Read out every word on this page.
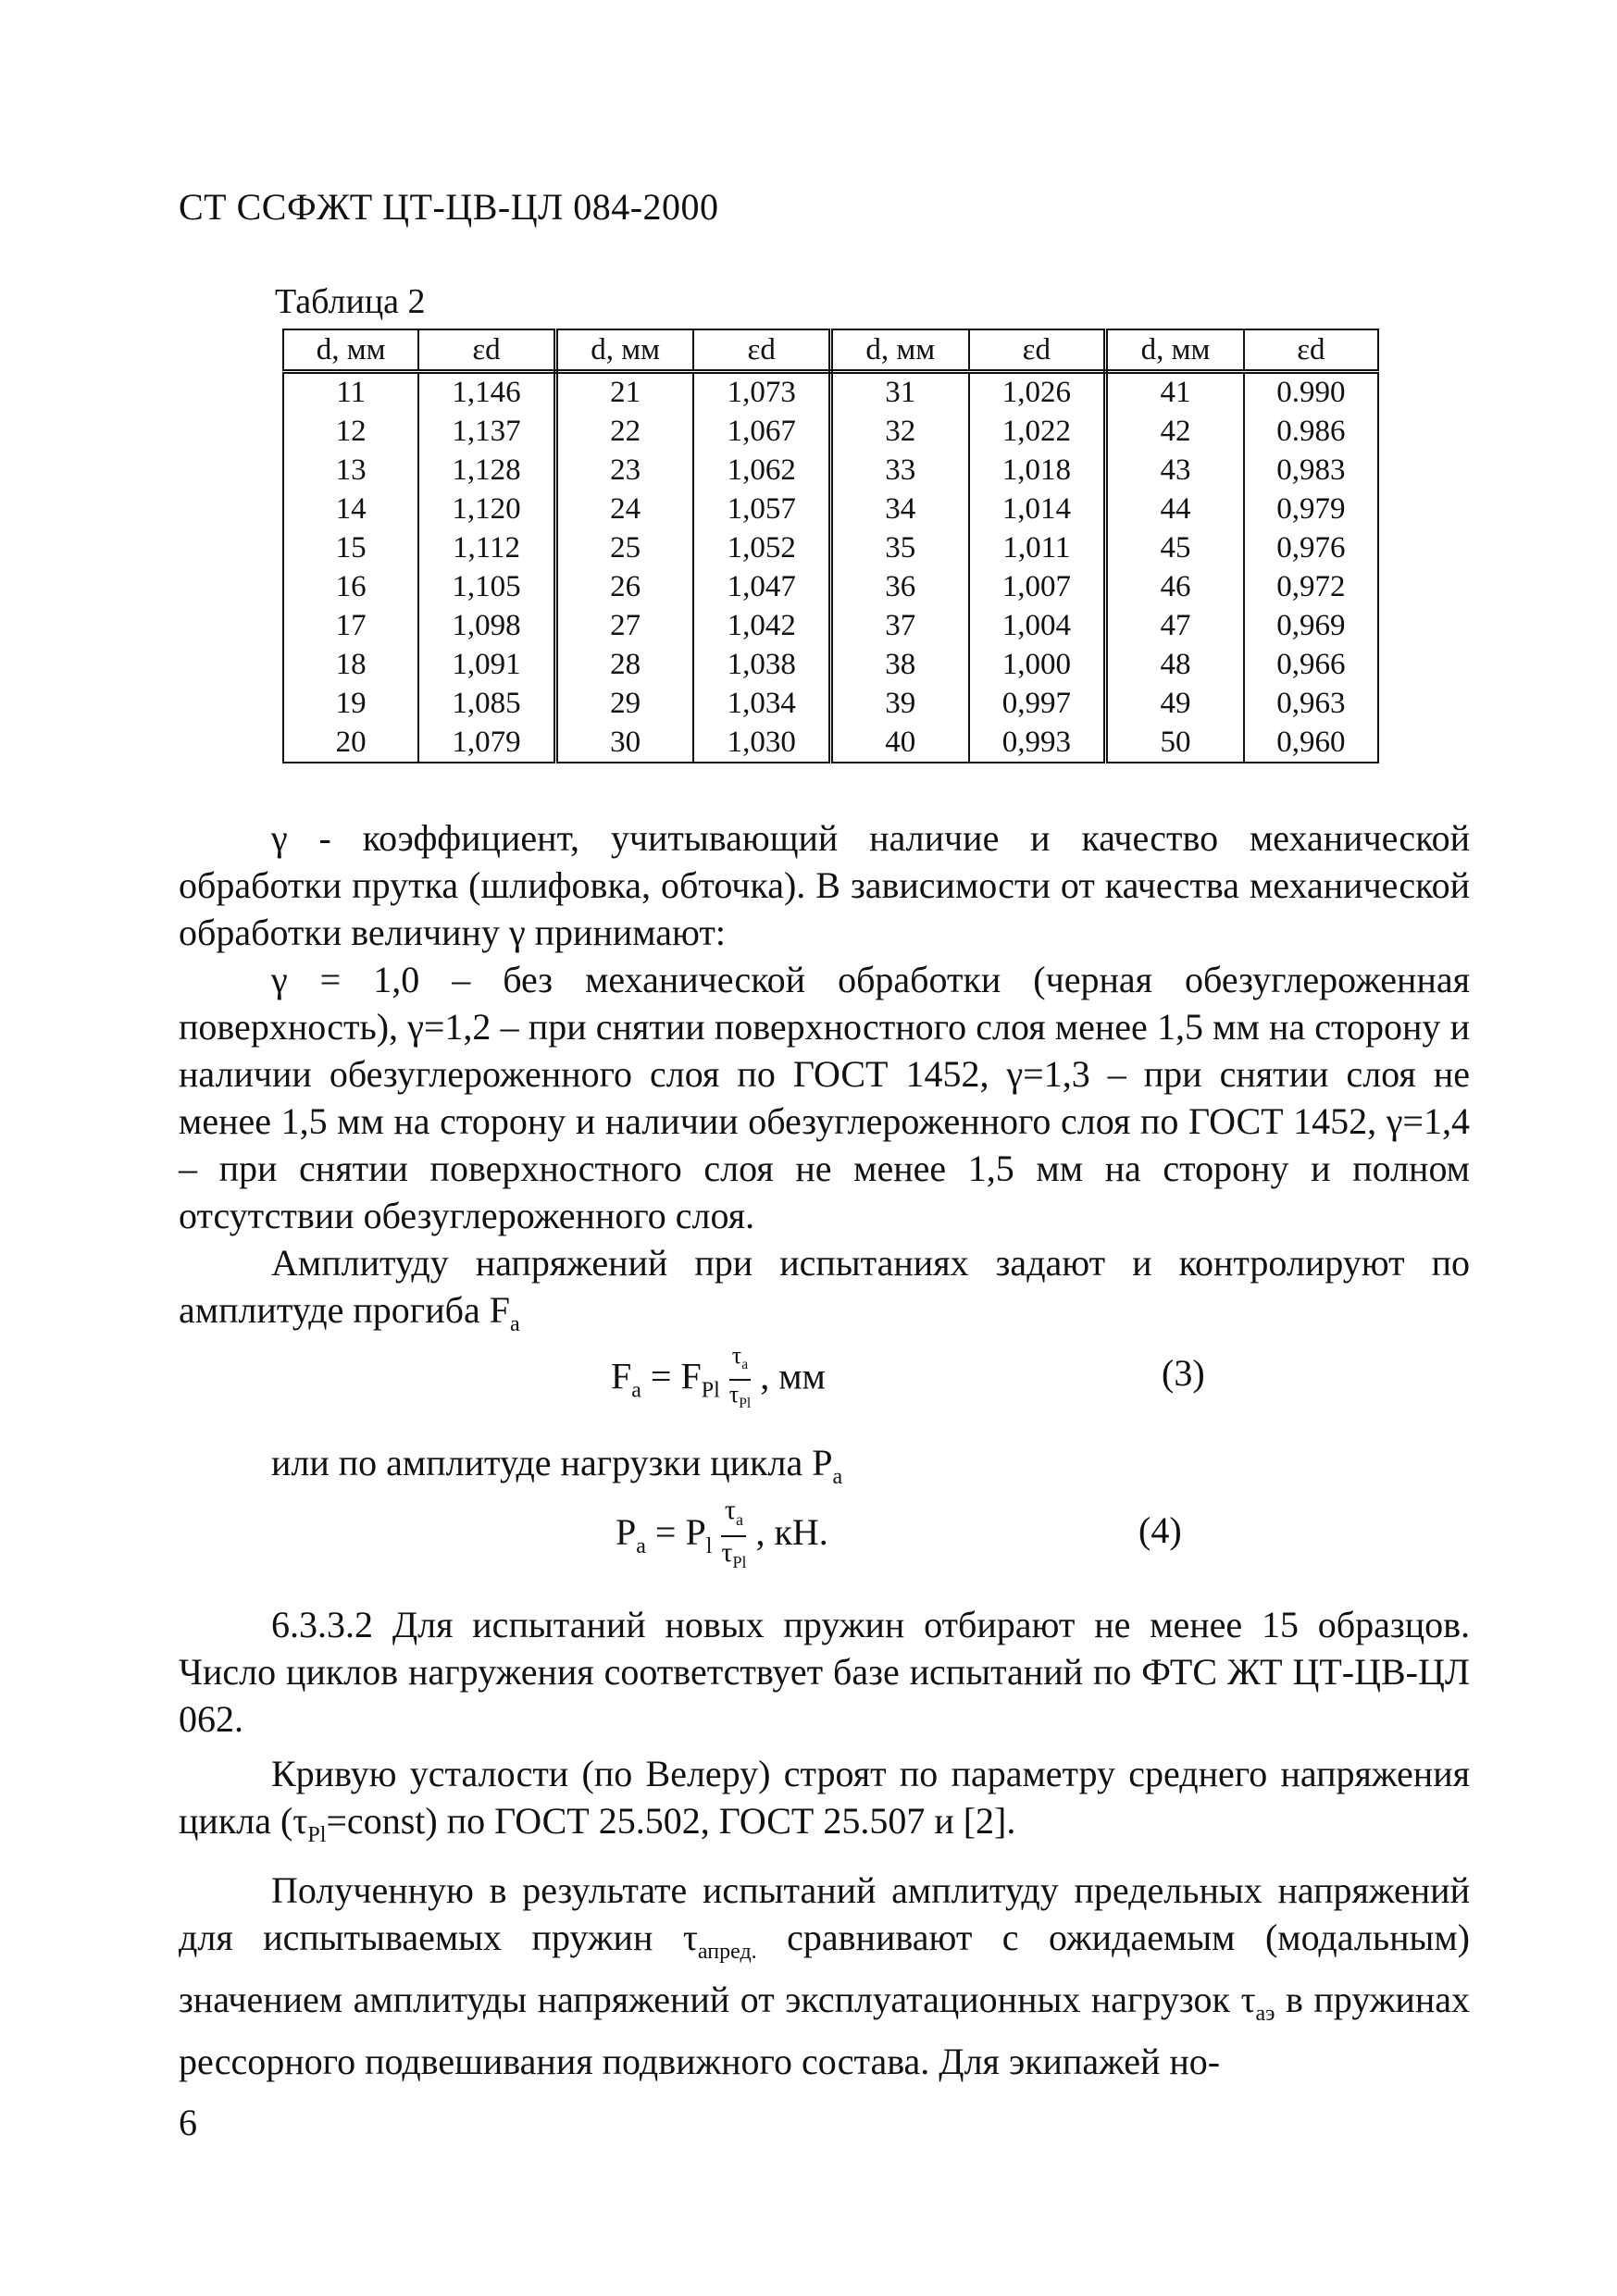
СТ ССФЖТ ЦТ-ЦВ-ЦЛ 084-2000
Таблица 2
d, мм	εd	d, мм	εd	d, мм	εd	d, мм	εd
11	1,146	21	1,073	31	1,026	41	0.990
12	1,137	22	1,067	32	1,022	42	0.986
13	1,128	23	1,062	33	1,018	43	0,983
14	1,120	24	1,057	34	1,014	44	0,979
15	1,112	25	1,052	35	1,011	45	0,976
16	1,105	26	1,047	36	1,007	46	0,972
17	1,098	27	1,042	37	1,004	47	0,969
18	1,091	28	1,038	38	1,000	48	0,966
19	1,085	29	1,034	39	0,997	49	0,963
20	1,079	30	1,030	40	0,993	50	0,960

γ - коэффициент, учитывающий наличие и качество механической обработки прутка (шлифовка, обточка). В зависимости от качества механической обработки величину γ принимают:

γ = 1,0 – без механической обработки (черная обезуглероженная поверхность), γ=1,2 – при снятии поверхностного слоя менее 1,5 мм на сторону и наличии обезуглероженного слоя по ГОСТ 1452, γ=1,3 – при снятии слоя не менее 1,5 мм на сторону и наличии обезуглероженного слоя по ГОСТ 1452, γ=1,4 – при снятии поверхностного слоя не менее 1,5 мм на сторону и полном отсутствии обезуглероженного слоя.

Амплитуду напряжений при испытаниях задают и контролируют по амплитуде прогиба $F_a$

$F_a = F_{Pl}$
$\tau_a$
$\tau_{Pl}$
, мм	(3)

или по амплитуде нагрузки цикла $P_a$

$P_a = P_l$
$\tau_a$
$\tau_{Pl}$
, кН.	(4)

6.3.3.2 Для испытаний новых пружин отбирают не менее 15 образцов. Число циклов нагружения соответствует базе испытаний по ФТС ЖТ ЦТ-ЦВ-ЦЛ 062.

Кривую усталости (по Велеру) строят по параметру среднего напряжения цикла $(\tau_{Pl}=const)$ по ГОСТ 25.502, ГОСТ 25.507 и [2].

Полученную в результате испытаний амплитуду предельных напряжений для испытываемых пружин $\tau_{апред.}$ сравнивают с ожидаемым (модальным) значением амплитуды напряжений от эксплуатационных нагрузок $\tau_{аэ}$ в пружинах рессорного подвешивания подвижного состава. Для экипажей но-

6
